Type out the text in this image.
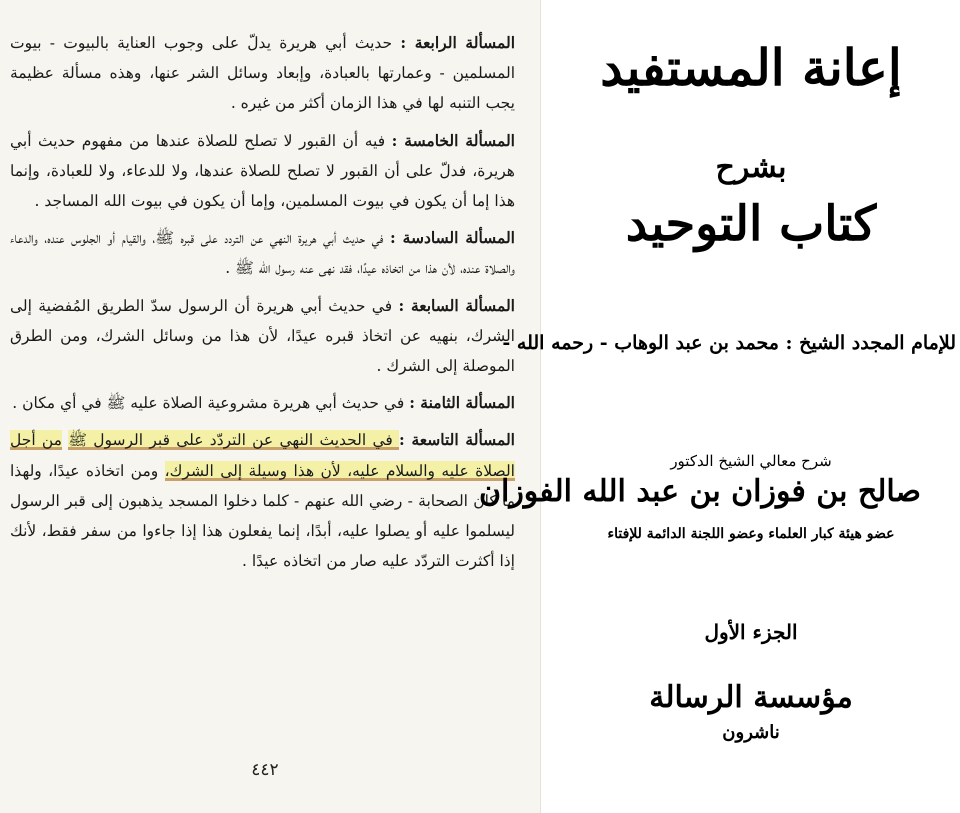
المسألة الرابعة : حديث أبي هريرة يدلّ على وجوب العناية بالبيوت - بيوت المسلمين - وعمارتها بالعبادة، وإبعاد وسائل الشر عنها، وهذه مسألة عظيمة يجب التنبه لها في هذا الزمان أكثر من غيره .

المسألة الخامسة : فيه أن القبور لا تصلح للصلاة عندها من مفهوم حديث أبي هريرة، فدلّ على أن القبور لا تصلح للصلاة عندها، ولا للدعاء، ولا للعبادة، وإنما هذا إما أن يكون في بيوت المسلمين، وإما أن يكون في بيوت الله المساجد .

المسألة السادسة : في حديث أبي هريرة النهي عن التردد على قبره ﷺ، والقيام أو الجلوس عنده، والدعاء والصلاة عنده، لأن هذا من اتخاذه عيدًا، فقد نهى عنه رسول الله ﷺ .

المسألة السابعة : في حديث أبي هريرة أن الرسول سدّ الطريق المُفضية إلى الشرك، بنهيه عن اتخاذ قبره عيدًا، لأن هذا من وسائل الشرك، ومن الطرق الموصلة إلى الشرك .

المسألة الثامنة : في حديث أبي هريرة مشروعية الصلاة عليه ﷺ في أي مكان .

المسألة التاسعة : في الحديث النهي عن التردّد على قبر الرسول ﷺ من أجل الصلاة عليه والسلام عليه، لأن هذا وسيلة إلى الشرك، ومن اتخاذه عيدًا، ولهذا ما كان الصحابة - رضي الله عنهم - كلما دخلوا المسجد يذهبون إلى قبر الرسول ليسلموا عليه أو يصلوا عليه، أبدًا، إنما يفعلون هذا إذا جاءوا من سفر فقط، لأنك إذا أكثرت التردّد عليه صار من اتخاذه عيدًا .

٤٤٢
إعانة المستفيد
بشرح
كتاب التوحيد
للإمام المجدد الشيخ : محمد بن عبد الوهاب - رحمه الله -
شرح معالي الشيخ الدكتور
صالح بن فوزان بن عبد الله الفوزان
عضو هيئة كبار العلماء وعضو اللجنة الدائمة للإفتاء
الجزء الأول
مؤسسة الرسالة
ناشرون
